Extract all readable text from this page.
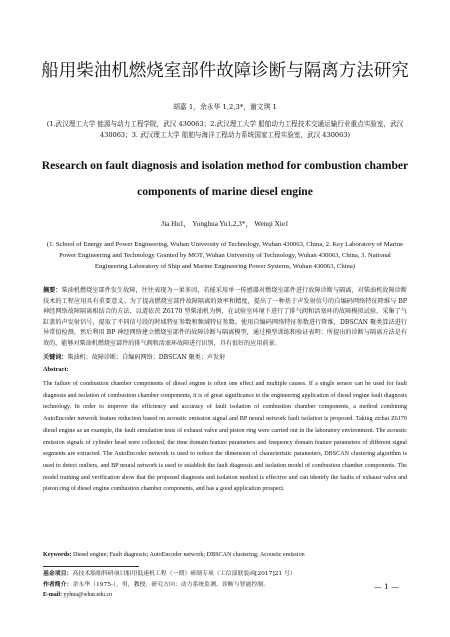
船用柴油机燃烧室部件故障诊断与隔离方法研究
胡嘉 1，余永华 1,2,3*，谢文琪 1
(1.武汉理工大学 能源与动力工程学院，武汉 430063；2.武汉理工大学 船舶动力工程技术交通运输行业重点实验室，武汉 430063；3. 武汉理工大学 船舶与海洋工程动力系统国家工程实验室，武汉 430063)
Research on fault diagnosis and isolation method for combustion chamber components of marine diesel engine
Jia Hu1， Yonghua Yu1,2,3*， Wenqi Xie1
(1. School of Energy and Power Engineering, Wuhan University of Technology, Wuhan 430063, China, 2. Key Laboratory of Marine Power Engineering and Technology Granted by MOT, Wuhan University of Technology, Wuhan 430063, China, 3. National Engineering Laboratory of Ship and Marine Engineering Power Systems, Wuhan 430063, China)
摘要：柴油机燃烧室部件发生故障，往往表现为一果多因，若能采用单一传感器对燃烧室部件进行故障诊断与隔离，对柴油机故障诊断技术的工程应用具有重要意义。为了提高燃烧室部件故障隔离的效率和精度，提出了一种基于声发射信号的自编码网络特征降维与 BP 神经网络故障隔离相结合的方法，以道依茨 Z6170 型柴油机为例，在试验室环境下进行了排气阀和活塞环的故障模拟试验，采集了气缸盖的声发射信号，提取了不同信号段的时域特征参数和频域特征参数。使用自编码网络特征参数进行降维，DBSCAN 聚类算法进行异常值检测，然后利用 BP 神经网络建立燃烧室部件的故障诊断与隔离模型，通过模型训练和验证表明：所提出的诊断与隔离方法是有效的，能够对柴油机燃烧室部件的排气阀和活塞环故障进行识别，具有很好的应用前景。
关键词：柴油机；故障诊断；自编码网络；DBSCAN 聚类；声发射
Abstract:
The failure of combustion chamber components of diesel engine is often one effect and multiple causes. If a single sensor can be used for fault diagnosis and isolation of combustion chamber components, it is of great significance to the engineering application of diesel engine fault diagnosis technology. In order to improve the efficiency and accuracy of fault isolation of combustion chamber components, a method combining AutoEncoder network feature reduction based on acoustic emission signal and BP neural network fault isolation is proposed. Taking zichai Z6170 diesel engine as an example, the fault simulation tests of exhaust valve and piston ring were carried out in the laboratory environment. The acoustic emission signals of cylinder head were collected, the time domain feature parameters and frequency domain feature parameters of different signal segments are extracted. The AutoEncoder network is used to reduce the dimension of characteristic parameters, DBSCAN clustering algorithm is used to detect outliers, and BP neural network is used to establish the fault diagnosis and isolation model of combustion chamber components. The model training and verification show that the proposed diagnosis and isolation method is effective and can identify the faults of exhaust valve and piston ring of diesel engine combustion chamber components, and has a good application prospect.
Keywords: Diesel engine; Fault diagnosis; AutoEncoder network; DBSCAN clustering; Acoustic emission
基金项目：高技术船舶科研项目船用低速机工程（一期）研制专项（工信部联装函[2017]21 号）
作者简介：余永华（1975-），男，教授，研究方向：动力系统监测、诊断与智能控制。
E-mail: yyhua@whut.edu.cn
— 1 —
